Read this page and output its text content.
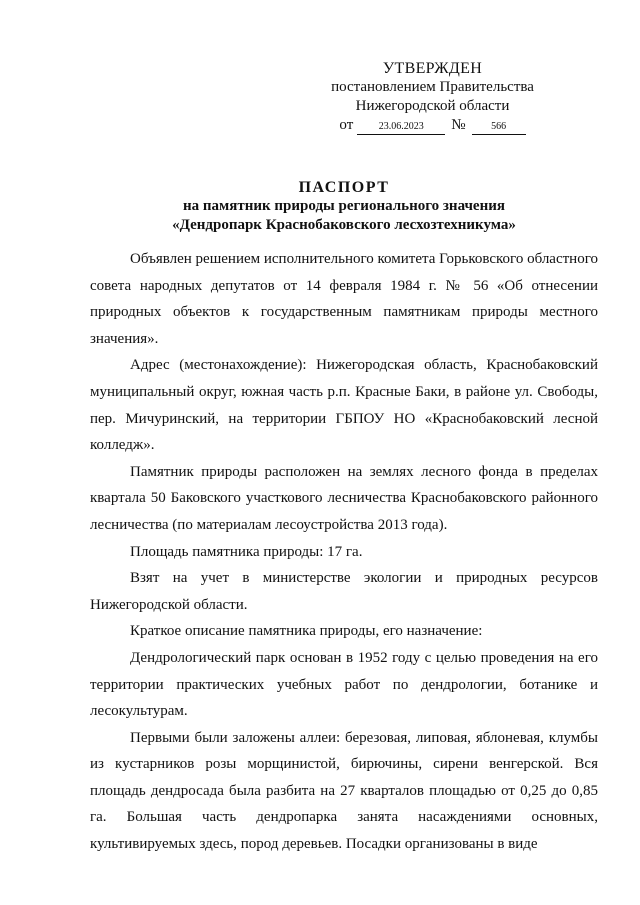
УТВЕРЖДЕН
постановлением Правительства
Нижегородской области
от	23.06.2023	№	566
ПАСПОРТ
на памятник природы регионального значения
«Дендропарк Краснобаковского лесхозтехникума»

Объявлен решением исполнительного комитета Горьковского областного совета народных депутатов от 14 февраля 1984 г. № 56 «Об отнесении природных объектов к государственным памятникам природы местного значения».

Адрес (местонахождение): Нижегородская область, Краснобаковский муниципальный округ, южная часть р.п. Красные Баки, в районе ул. Свободы, пер. Мичуринский, на территории ГБПОУ НО «Краснобаковский лесной колледж».

Памятник природы расположен на землях лесного фонда в пределах квартала 50 Баковского участкового лесничества Краснобаковского районного лесничества (по материалам лесоустройства 2013 года).

Площадь памятника природы: 17 га.

Взят на учет в министерстве экологии и природных ресурсов Нижегородской области.

Краткое описание памятника природы, его назначение:

Дендрологический парк основан в 1952 году с целью проведения на его территории практических учебных работ по дендрологии, ботанике и лесокультурам.

Первыми были заложены аллеи: березовая, липовая, яблоневая, клумбы из кустарников розы морщинистой, бирючины, сирени венгерской. Вся площадь дендросада была разбита на 27 кварталов площадью от 0,25 до 0,85 га. Большая часть дендропарка занята насаждениями основных, культивируемых здесь, пород деревьев. Посадки организованы в виде
